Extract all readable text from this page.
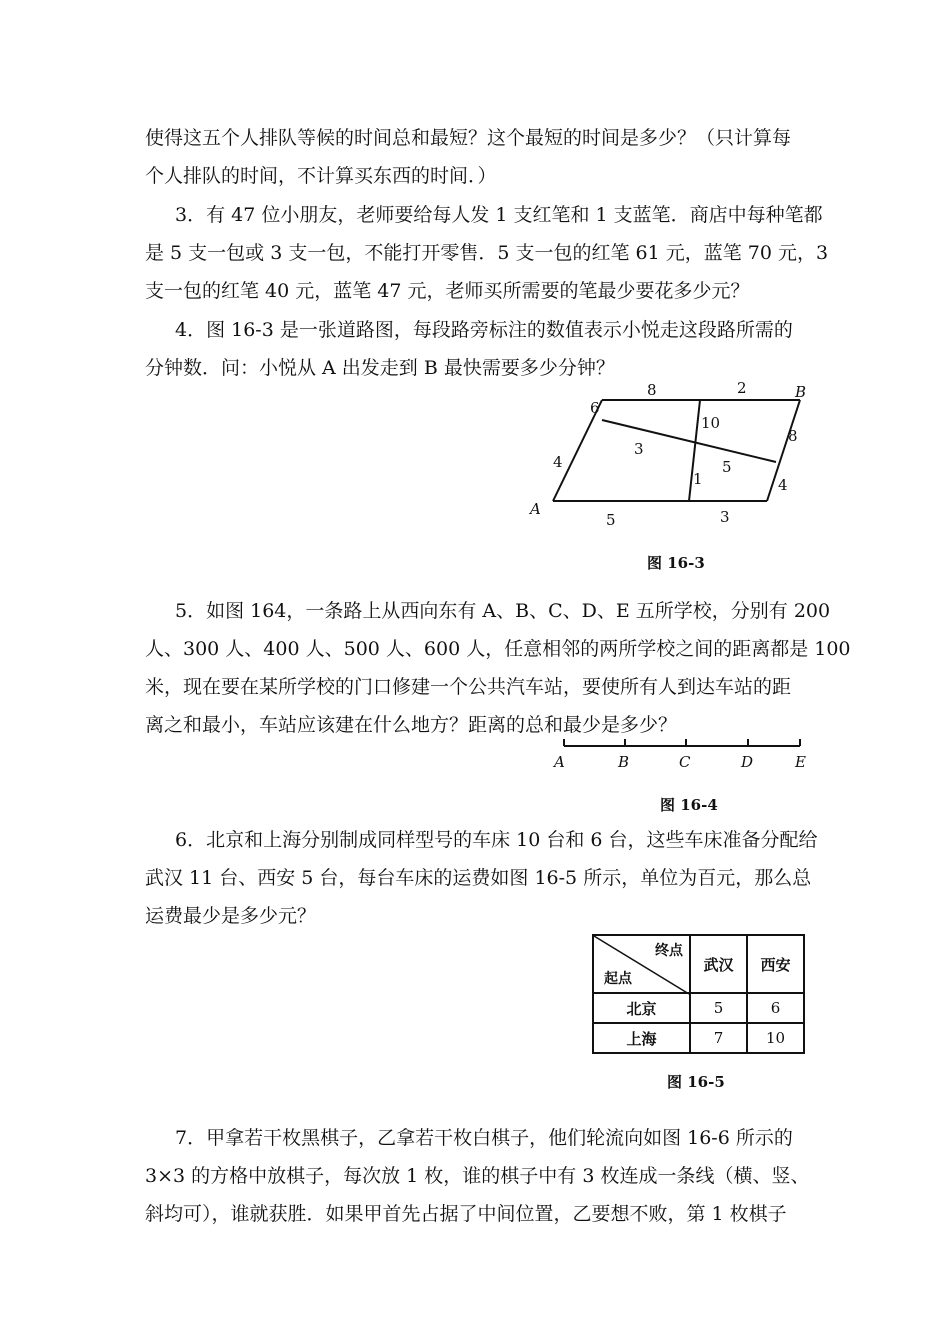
使得这五个人排队等候的时间总和最短？这个最短的时间是多少？（只计算每
个人排队的时间，不计算买东西的时间．）
3．有 47 位小朋友，老师要给每人发 1 支红笔和 1 支蓝笔．商店中每种笔都
是 5 支一包或 3 支一包，不能打开零售．5 支一包的红笔 61 元，蓝笔 70 元，3
支一包的红笔 40 元，蓝笔 47 元，老师买所需要的笔最少要花多少元？
4．图 16-3 是一张道路图，每段路旁标注的数值表示小悦走这段路所需的
分钟数．问：小悦从 A 出发走到 B 最快需要多少分钟？
5．如图 164，一条路上从西向东有 A、B、C、D、E 五所学校，分别有 200
人、300 人、400 人、500 人、600 人，任意相邻的两所学校之间的距离都是 100
米，现在要在某所学校的门口修建一个公共汽车站，要使所有人到达车站的距
离之和最小，车站应该建在什么地方？距离的总和最少是多少？
6．北京和上海分别制成同样型号的车床 10 台和 6 台，这些车床准备分配给
武汉 11 台、西安 5 台，每台车床的运费如图 16-5 所示，单位为百元，那么总
运费最少是多少元？
7．甲拿若干枚黑棋子，乙拿若干枚白棋子，他们轮流向如图 16-6 所示的
3×3 的方格中放棋子，每次放 1 枚，谁的棋子中有 3 枚连成一条线（横、竖、
斜均可），谁就获胜．如果甲首先占据了中间位置，乙要想不败，第 1 枚棋子
A
B
8	2
6
10
8
3
4	5
1	4
5	3
A	B	C	D	E
图 16-3
图 16-4
终点
起点	武汉	西安
北京	5	6
上海	7	10
图 16-5
